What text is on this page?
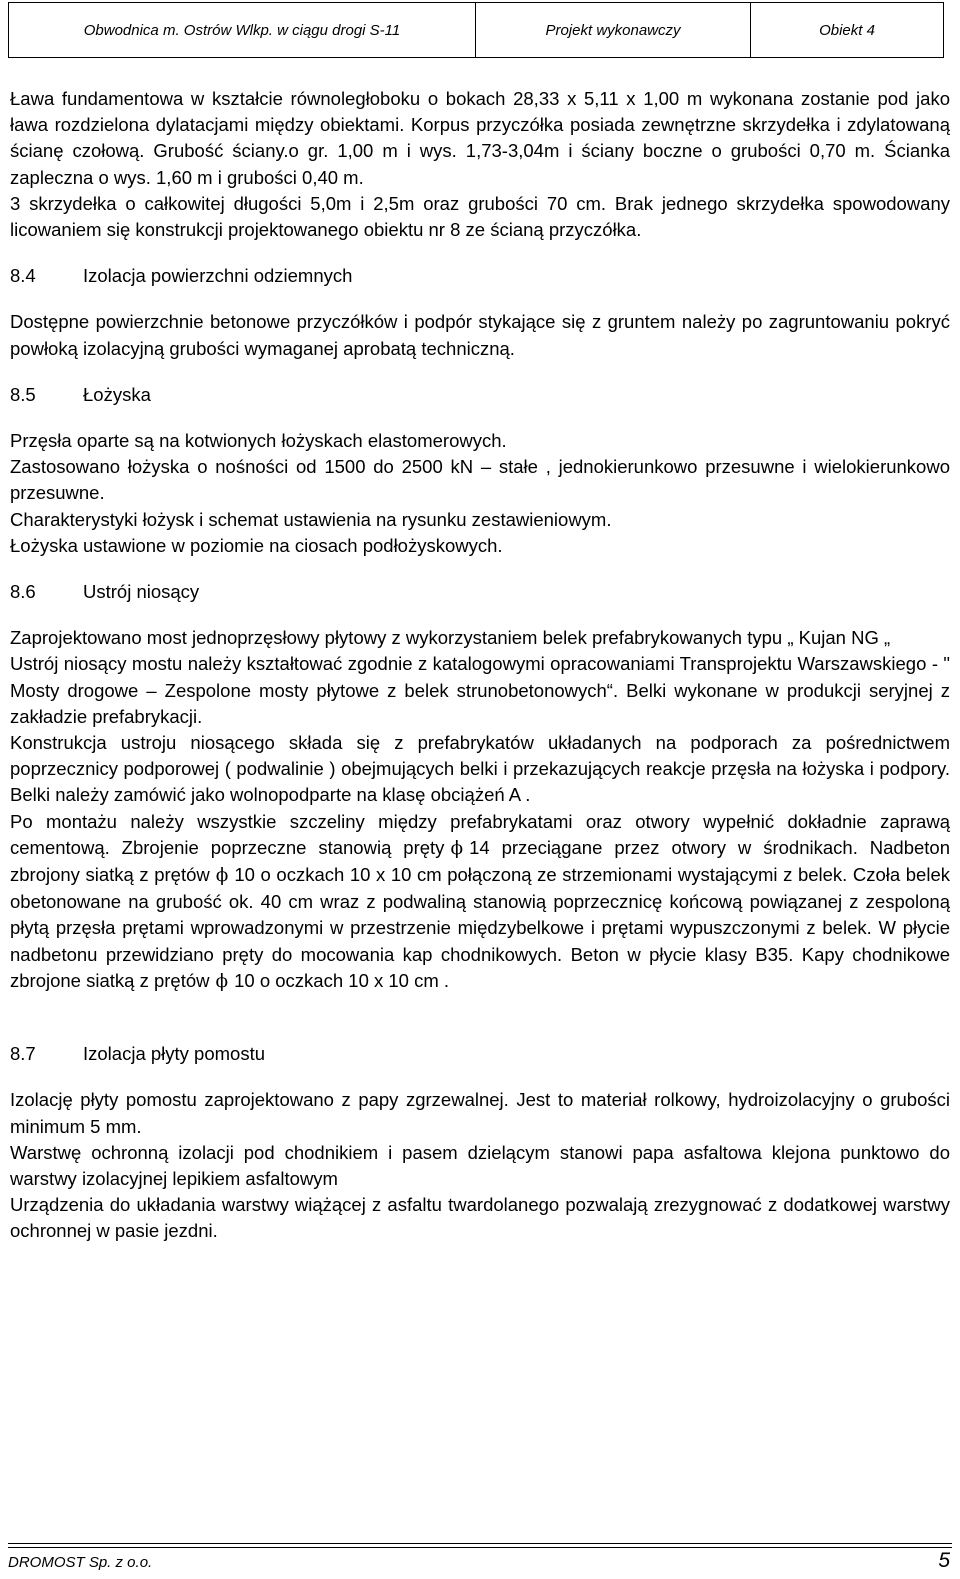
Obwodnica m. Ostrów Wlkp. w ciągu drogi S-11	Projekt wykonawczy	Obiekt 4

Ława fundamentowa w kształcie równoległoboku o bokach 28,33 x 5,11 x 1,00 m wykonana zostanie pod jako ława rozdzielona dylatacjami między obiektami. Korpus przyczółka posiada zewnętrzne skrzydełka i zdylatowaną ścianę czołową. Grubość ściany.o gr. 1,00 m i wys. 1,73-3,04m i ściany boczne o grubości 0,70 m. Ścianka zapleczna o wys. 1,60 m i grubości 0,40 m.

3 skrzydełka o całkowitej długości 5,0m i 2,5m oraz grubości 70 cm. Brak jednego skrzydełka spowodowany licowaniem się konstrukcji projektowanego obiektu nr 8 ze ścianą przyczółka.

8.4	Izolacja powierzchni odziemnych

Dostępne powierzchnie betonowe przyczółków i podpór stykające się z gruntem należy po zagruntowaniu pokryć powłoką izolacyjną grubości wymaganej aprobatą techniczną.

8.5	Łożyska

Przęsła oparte są na kotwionych łożyskach elastomerowych.

Zastosowano łożyska o nośności od 1500 do 2500 kN – stałe , jednokierunkowo przesuwne i wielokierunkowo przesuwne.

Charakterystyki łożysk i schemat ustawienia na rysunku zestawieniowym.

Łożyska ustawione w poziomie na ciosach podłożyskowych.

8.6	Ustrój niosący

Zaprojektowano most jednoprzęsłowy płytowy z wykorzystaniem belek prefabrykowanych typu „ Kujan NG „

Ustrój niosący mostu należy kształtować zgodnie z katalogowymi opracowaniami Transprojektu Warszawskiego - " Mosty drogowe – Zespolone mosty płytowe z belek strunobetonowych“. Belki wykonane w produkcji seryjnej z zakładzie prefabrykacji.

Konstrukcja ustroju niosącego składa się z prefabrykatów układanych na podporach za pośrednictwem poprzecznicy podporowej ( podwalinie ) obejmujących belki i przekazujących reakcje przęsła na łożyska i podpory. Belki należy zamówić jako wolnopodparte na klasę obciążeń A .

Po montażu należy wszystkie szczeliny między prefabrykatami oraz otwory wypełnić dokładnie zaprawą cementową. Zbrojenie poprzeczne stanowią pręty ϕ 14 przeciągane przez otwory w środnikach. Nadbeton zbrojony siatką z prętów ϕ 10 o oczkach 10 x 10 cm połączoną ze strzemionami wystającymi z belek. Czoła belek obetonowane na grubość ok. 40 cm wraz z podwaliną stanowią poprzecznicę końcową powiązanej z zespoloną płytą przęsła prętami wprowadzonymi w przestrzenie międzybelkowe i prętami wypuszczonymi z belek. W płycie nadbetonu przewidziano pręty do mocowania kap chodnikowych. Beton w płycie klasy B35. Kapy chodnikowe zbrojone siatką z prętów ϕ 10 o oczkach 10 x 10 cm .

8.7	Izolacja płyty pomostu

Izolację płyty pomostu zaprojektowano z papy zgrzewalnej. Jest to materiał rolkowy, hydroizolacyjny o grubości minimum 5 mm.

Warstwę ochronną izolacji pod chodnikiem i pasem dzielącym stanowi papa asfaltowa klejona punktowo do warstwy izolacyjnej lepikiem asfaltowym

Urządzenia do układania warstwy wiążącej z asfaltu twardolanego pozwalają zrezygnować z dodatkowej warstwy ochronnej w pasie jezdni.

DROMOST Sp. z o.o.	5
